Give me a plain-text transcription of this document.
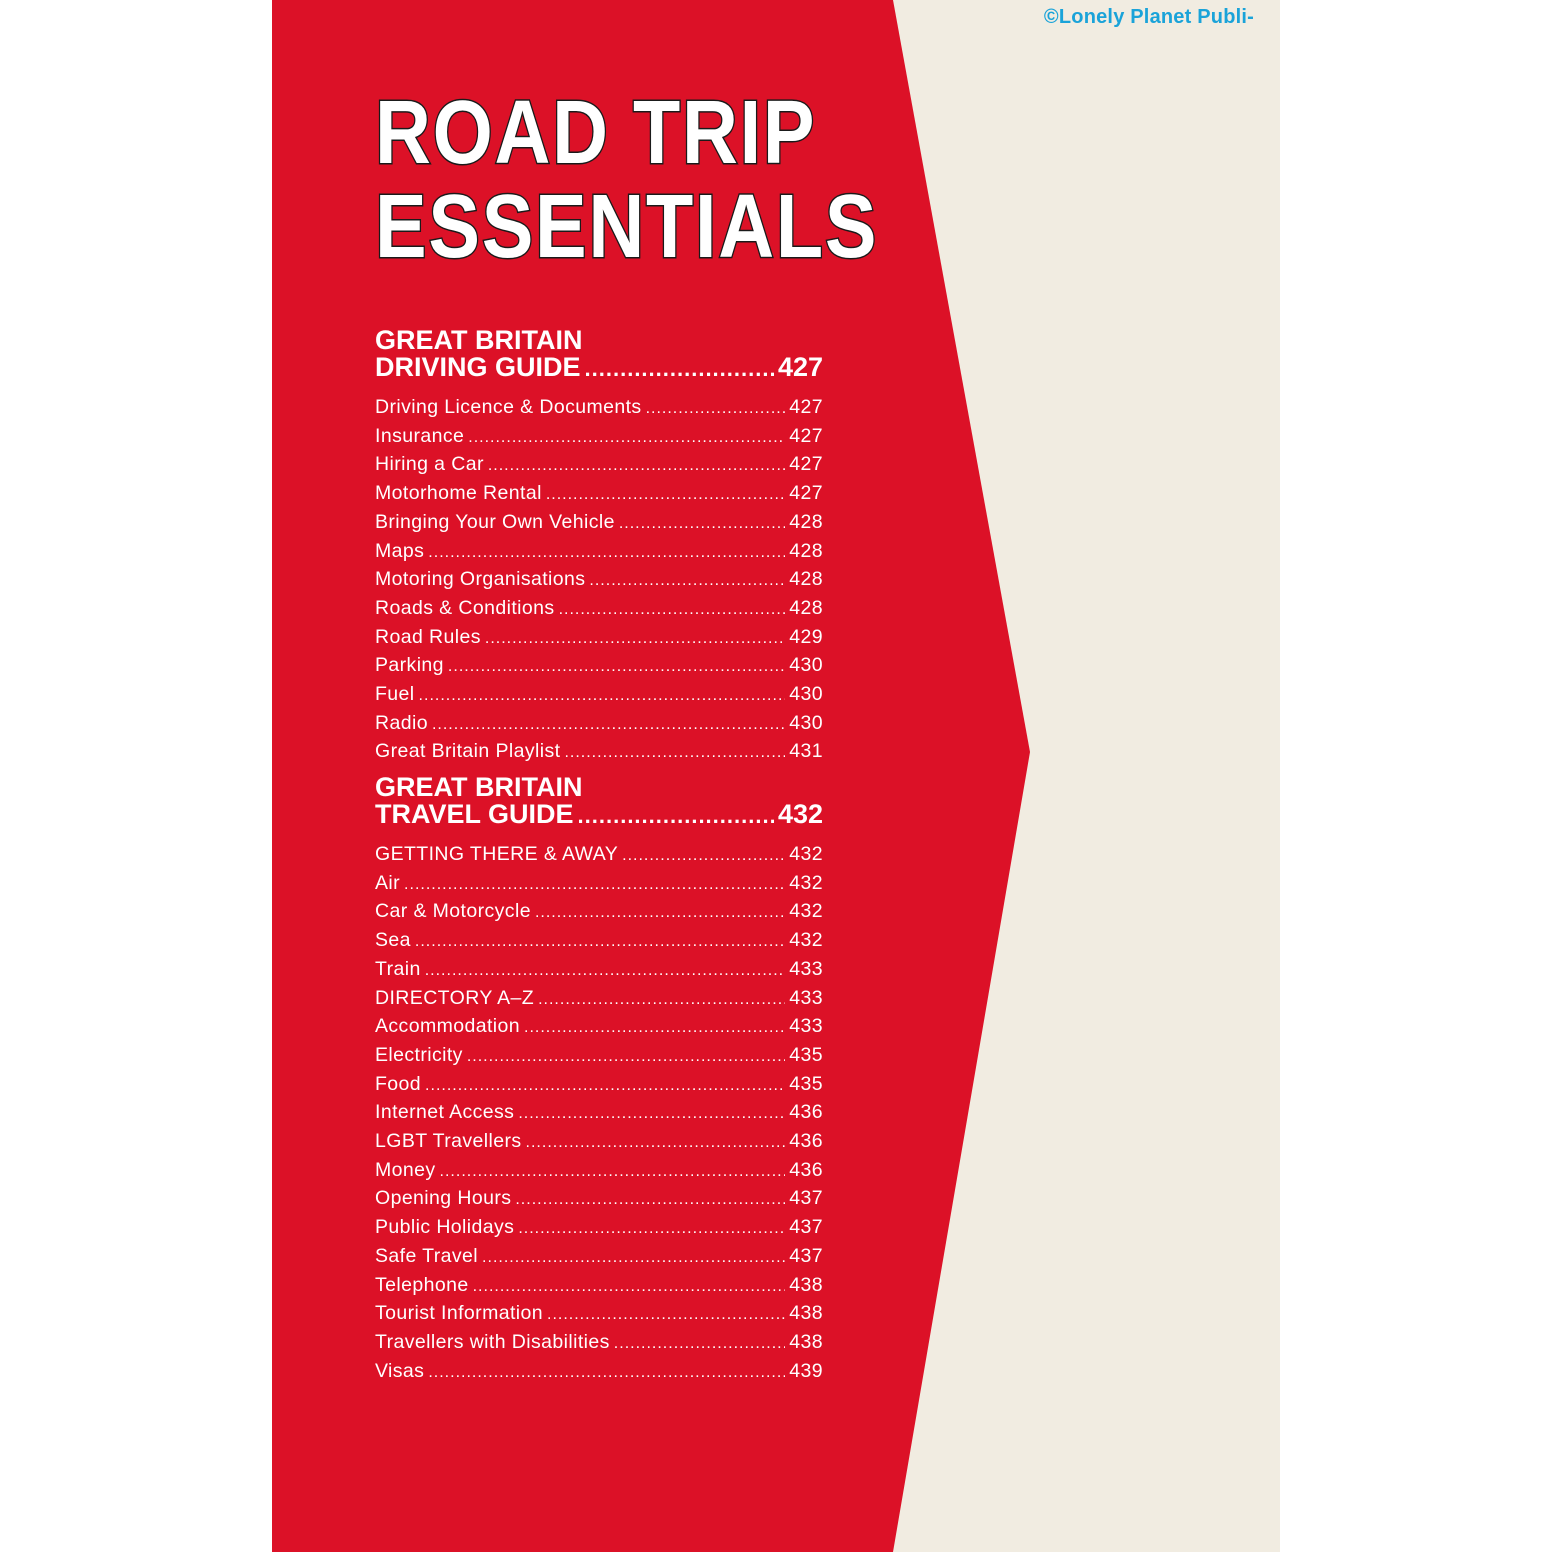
©Lonely Planet Publi-
ROAD TRIP
ESSENTIALS
GREAT BRITAIN
DRIVING GUIDE .....	427
Driving Licence & Documents .....	427
Insurance .....	427
Hiring a Car .....	427
Motorhome Rental .....	427
Bringing Your Own Vehicle .....	428
Maps .....	428
Motoring Organisations .....	428
Roads & Conditions .....	428
Road Rules .....	429
Parking .....	430
Fuel .....	430
Radio .....	430
Great Britain Playlist .....	431
GREAT BRITAIN
TRAVEL GUIDE .....	432
GETTING THERE & AWAY .....	432
Air .....	432
Car & Motorcycle .....	432
Sea .....	432
Train .....	433
DIRECTORY A–Z .....	433
Accommodation .....	433
Electricity .....	435
Food .....	435
Internet Access .....	436
LGBT Travellers .....	436
Money .....	436
Opening Hours .....	437
Public Holidays .....	437
Safe Travel .....	437
Telephone .....	438
Tourist Information .....	438
Travellers with Disabilities .....	438
Visas .....	439
